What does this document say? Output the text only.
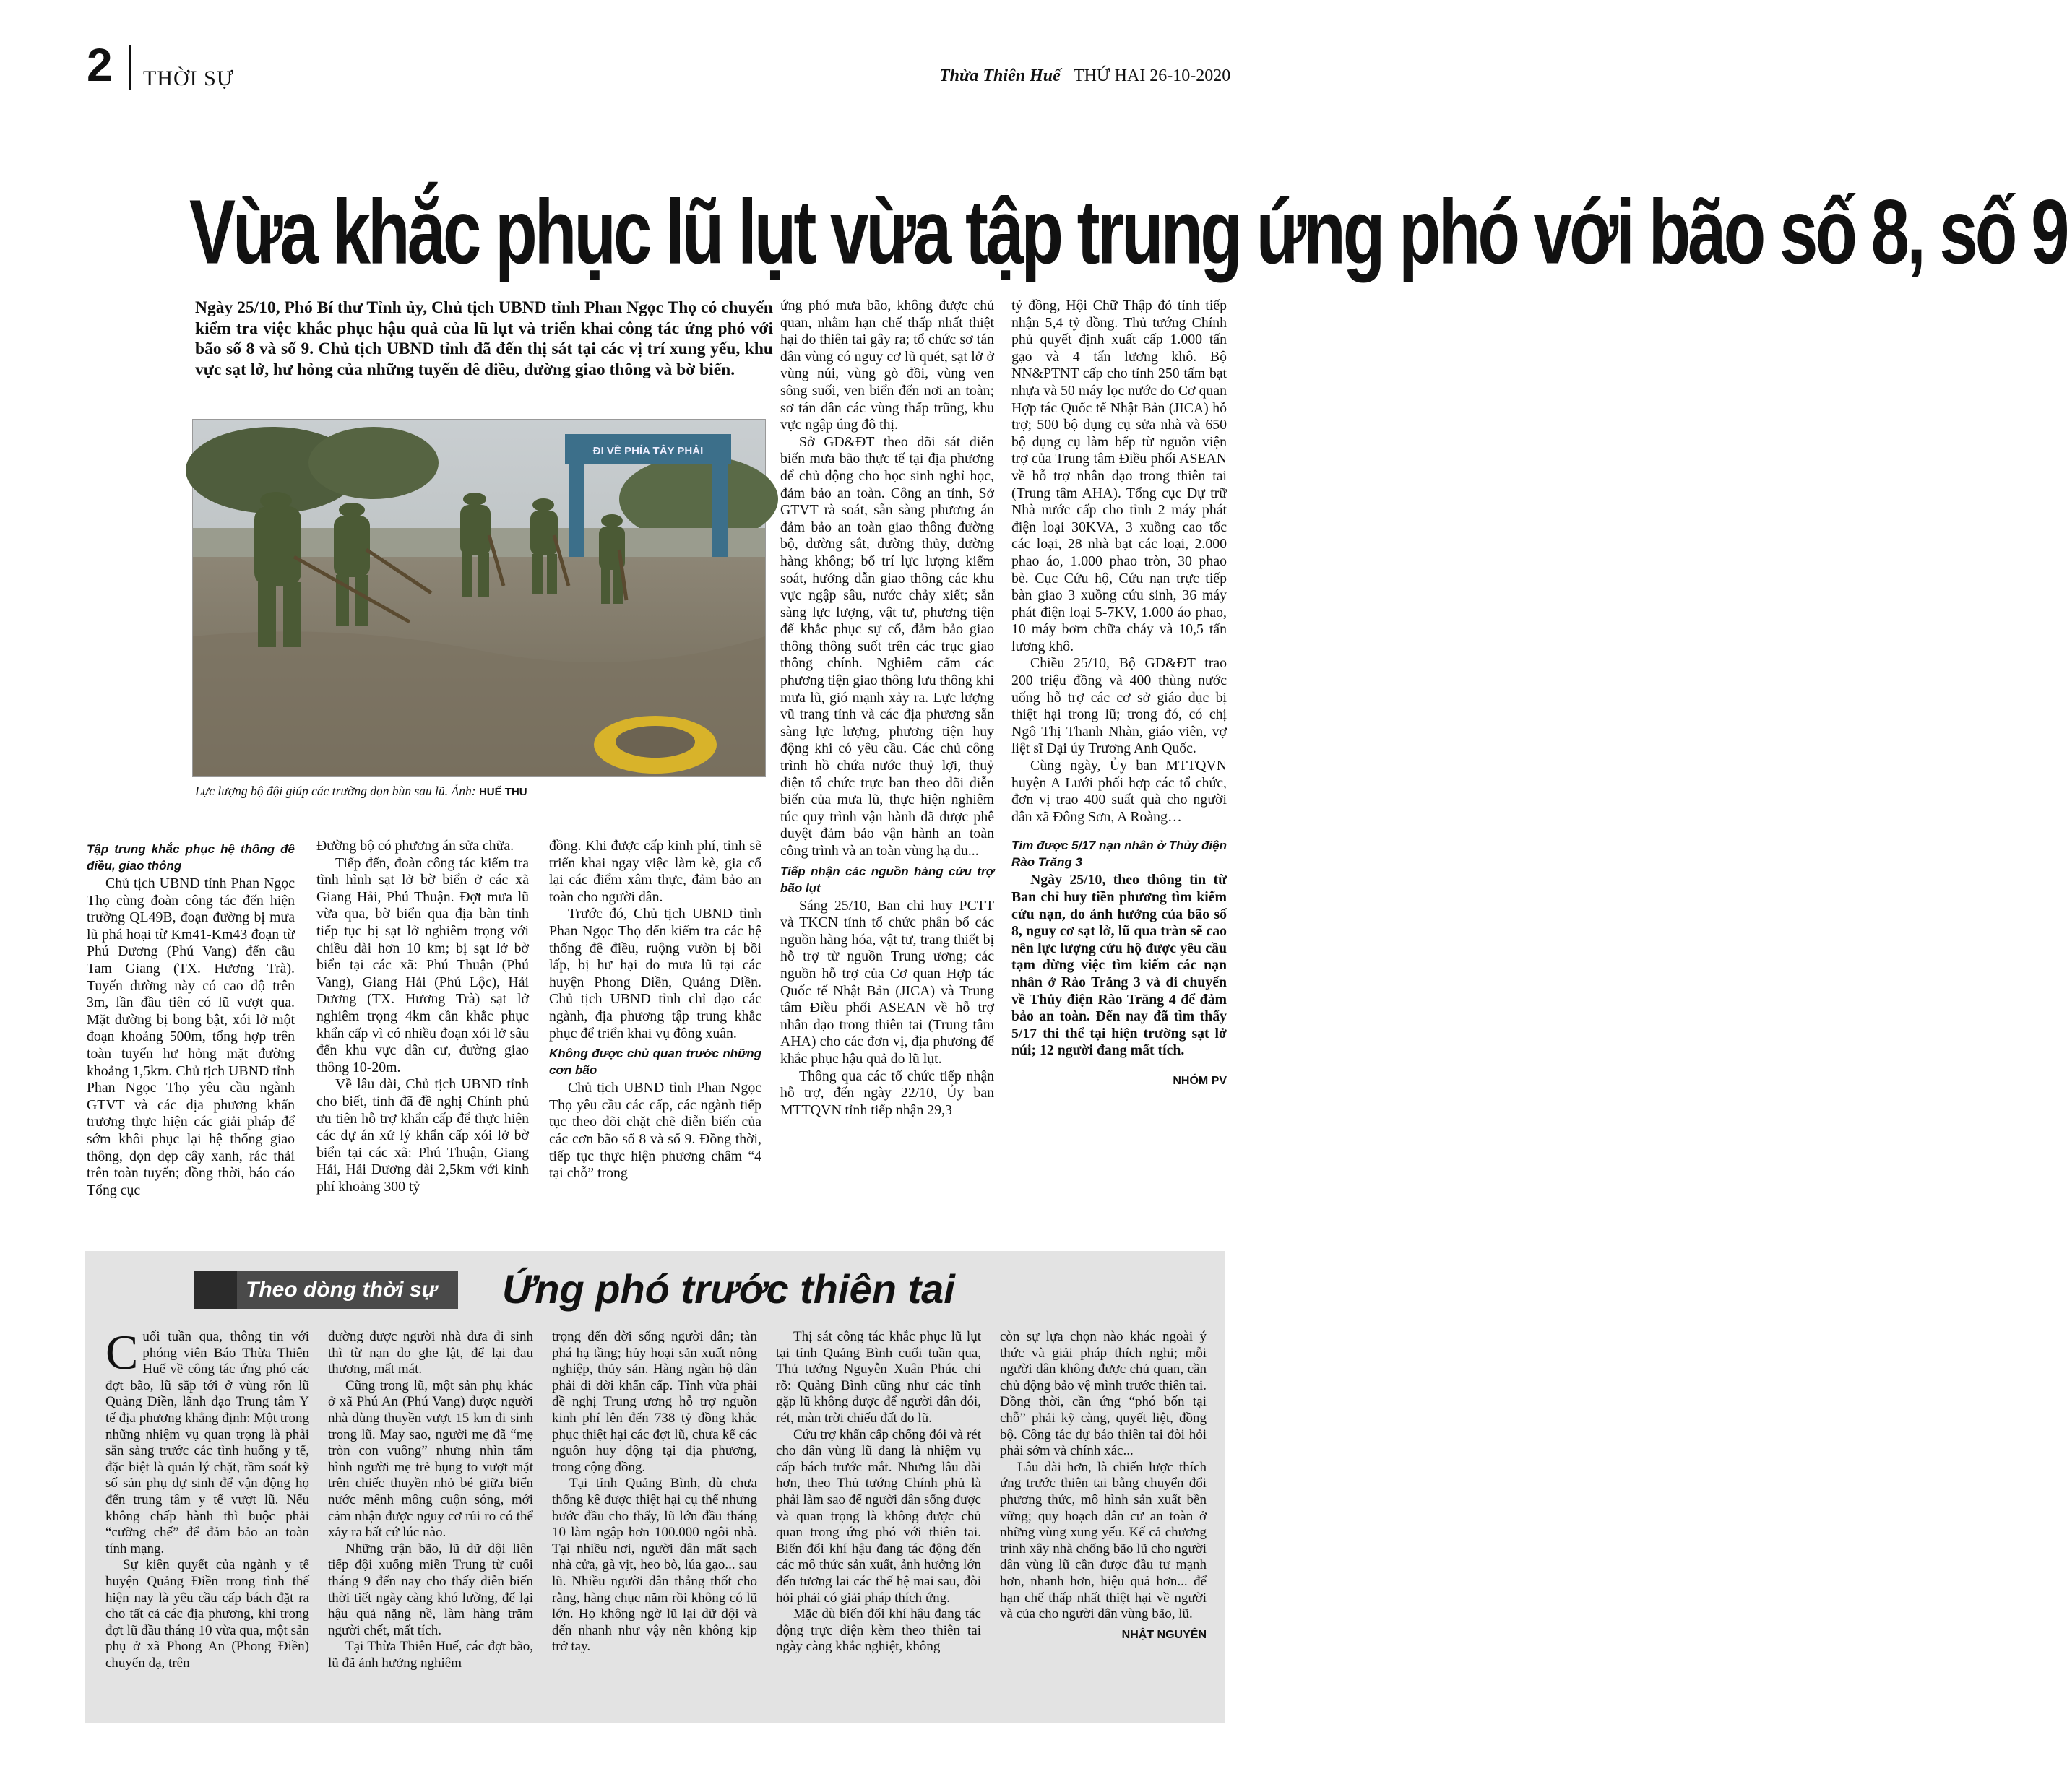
2 THỜI SỰ	Thừa Thiên Huế THỨ HAI 26-10-2020
Vừa khắc phục lũ lụt vừa tập trung ứng phó với bão số 8, số 9
Ngày 25/10, Phó Bí thư Tỉnh ủy, Chủ tịch UBND tỉnh Phan Ngọc Thọ có chuyến kiểm tra việc khắc phục hậu quả của lũ lụt và triển khai công tác ứng phó với bão số 8 và số 9. Chủ tịch UBND tỉnh đã đến thị sát tại các vị trí xung yếu, khu vực sạt lở, hư hỏng của những tuyến đê điều, đường giao thông và bờ biển.
ĐI VỀ PHÍA TÂY PHẢI
Lực lượng bộ đội giúp các trường dọn bùn sau lũ. Ảnh: HUẾ THU
Tập trung khắc phục hệ thống đê điều, giao thông

Chủ tịch UBND tỉnh Phan Ngọc Thọ cùng đoàn công tác đến hiện trường QL49B, đoạn đường bị mưa lũ phá hoại từ Km41-Km43 đoạn từ Phú Dương (Phú Vang) đến cầu Tam Giang (TX. Hương Trà). Tuyến đường này có cao độ trên 3m, lần đầu tiên có lũ vượt qua. Mặt đường bị bong bật, xói lở một đoạn khoảng 500m, tổng hợp trên toàn tuyến hư hỏng mặt đường khoảng 1,5km. Chủ tịch UBND tỉnh Phan Ngọc Thọ yêu cầu ngành GTVT và các địa phương khẩn trương thực hiện các giải pháp để sớm khôi phục lại hệ thống giao thông, dọn dẹp cây xanh, rác thải trên toàn tuyến; đồng thời, báo cáo Tổng cục

Đường bộ có phương án sửa chữa.

Tiếp đến, đoàn công tác kiểm tra tình hình sạt lở bờ biển ở các xã Giang Hải, Phú Thuận. Đợt mưa lũ vừa qua, bờ biển qua địa bàn tỉnh tiếp tục bị sạt lở nghiêm trọng với chiều dài hơn 10 km; bị sạt lở bờ biển tại các xã: Phú Thuận (Phú Vang), Giang Hải (Phú Lộc), Hải Dương (TX. Hương Trà) sạt lở nghiêm trọng 4km cần khắc phục khẩn cấp vì có nhiều đoạn xói lở sâu đến khu vực dân cư, đường giao thông 10-20m.

Về lâu dài, Chủ tịch UBND tỉnh cho biết, tỉnh đã đề nghị Chính phủ ưu tiên hỗ trợ khẩn cấp để thực hiện các dự án xử lý khẩn cấp xói lở bờ biển tại các xã: Phú Thuận, Giang Hải, Hải Dương dài 2,5km với kinh phí khoảng 300 tỷ

đồng. Khi được cấp kinh phí, tỉnh sẽ triển khai ngay việc làm kè, gia cố lại các điểm xâm thực, đảm bảo an toàn cho người dân.

Trước đó, Chủ tịch UBND tỉnh Phan Ngọc Thọ đến kiểm tra các hệ thống đê điều, ruộng vườn bị bồi lấp, bị hư hại do mưa lũ tại các huyện Phong Điền, Quảng Điền. Chủ tịch UBND tỉnh chỉ đạo các ngành, địa phương tập trung khắc phục để triển khai vụ đông xuân.

Không được chủ quan trước những cơn bão

Chủ tịch UBND tỉnh Phan Ngọc Thọ yêu cầu các cấp, các ngành tiếp tục theo dõi chặt chẽ diễn biến của các cơn bão số 8 và số 9. Đồng thời, tiếp tục thực hiện phương châm “4 tại chỗ” trong

ứng phó mưa bão, không được chủ quan, nhằm hạn chế thấp nhất thiệt hại do thiên tai gây ra; tổ chức sơ tán dân vùng có nguy cơ lũ quét, sạt lở ở vùng núi, vùng gò đồi, vùng ven sông suối, ven biển đến nơi an toàn; sơ tán dân các vùng thấp trũng, khu vực ngập úng đô thị.

Sở GD&ĐT theo dõi sát diễn biến mưa bão thực tế tại địa phương để chủ động cho học sinh nghỉ học, đảm bảo an toàn. Công an tỉnh, Sở GTVT rà soát, sẵn sàng phương án đảm bảo an toàn giao thông đường bộ, đường sắt, đường thủy, đường hàng không; bố trí lực lượng kiểm soát, hướng dẫn giao thông các khu vực ngập sâu, nước chảy xiết; sẵn sàng lực lượng, vật tư, phương tiện để khắc phục sự cố, đảm bảo giao thông thông suốt trên các trục giao thông chính. Nghiêm cấm các phương tiện giao thông lưu thông khi mưa lũ, gió mạnh xảy ra. Lực lượng vũ trang tỉnh và các địa phương sẵn sàng lực lượng, phương tiện huy động khi có yêu cầu. Các chủ công trình hồ chứa nước thuỷ lợi, thuỷ điện tổ chức trực ban theo dõi diễn biến của mưa lũ, thực hiện nghiêm túc quy trình vận hành đã được phê duyệt đảm bảo vận hành an toàn công trình và an toàn vùng hạ du...

Tiếp nhận các nguồn hàng cứu trợ bão lụt

Sáng 25/10, Ban chỉ huy PCTT và TKCN tỉnh tổ chức phân bổ các nguồn hàng hóa, vật tư, trang thiết bị hỗ trợ từ nguồn Trung ương; các nguồn hỗ trợ của Cơ quan Hợp tác Quốc tế Nhật Bản (JICA) và Trung tâm Điều phối ASEAN về hỗ trợ nhân đạo trong thiên tai (Trung tâm AHA) cho các đơn vị, địa phương để khắc phục hậu quả do lũ lụt.

Thông qua các tổ chức tiếp nhận hỗ trợ, đến ngày 22/10, Ủy ban MTTQVN tỉnh tiếp nhận 29,3

tỷ đồng, Hội Chữ Thập đỏ tỉnh tiếp nhận 5,4 tỷ đồng. Thủ tướng Chính phủ quyết định xuất cấp 1.000 tấn gạo và 4 tấn lương khô. Bộ NN&PTNT cấp cho tỉnh 250 tấm bạt nhựa và 50 máy lọc nước do Cơ quan Hợp tác Quốc tế Nhật Bản (JICA) hỗ trợ; 500 bộ dụng cụ sửa nhà và 650 bộ dụng cụ làm bếp từ nguồn viện trợ của Trung tâm Điều phối ASEAN về hỗ trợ nhân đạo trong thiên tai (Trung tâm AHA). Tổng cục Dự trữ Nhà nước cấp cho tỉnh 2 máy phát điện loại 30KVA, 3 xuồng cao tốc các loại, 28 nhà bạt các loại, 2.000 phao áo, 1.000 phao tròn, 30 phao bè. Cục Cứu hộ, Cứu nạn trực tiếp bàn giao 3 xuồng cứu sinh, 36 máy phát điện loại 5-7KV, 1.000 áo phao, 10 máy bơm chữa cháy và 10,5 tấn lương khô.

Chiều 25/10, Bộ GD&ĐT trao 200 triệu đồng và 400 thùng nước uống hỗ trợ các cơ sở giáo dục bị thiệt hại trong lũ; trong đó, có chị Ngô Thị Thanh Nhàn, giáo viên, vợ liệt sĩ Đại úy Trương Anh Quốc.

Cùng ngày, Ủy ban MTTQVN huyện A Lưới phối hợp các tổ chức, đơn vị trao 400 suất quà cho người dân xã Đông Sơn, A Roàng…

Tìm được 5/17 nạn nhân ở Thủy điện Rào Trăng 3

Ngày 25/10, theo thông tin từ Ban chỉ huy tiền phương tìm kiếm cứu nạn, do ảnh hưởng của bão số 8, nguy cơ sạt lở, lũ qua tràn sẽ cao nên lực lượng cứu hộ được yêu cầu tạm dừng việc tìm kiếm các nạn nhân ở Rào Trăng 3 và di chuyển về Thủy điện Rào Trăng 4 để đảm bảo an toàn. Đến nay đã tìm thấy 5/17 thi thể tại hiện trường sạt lở núi; 12 người đang mất tích.

NHÓM PV
Theo dòng thời sự	Ứng phó trước thiên tai

Cuối tuần qua, thông tin với phóng viên Báo Thừa Thiên Huế về công tác ứng phó các đợt bão, lũ sắp tới ở vùng rốn lũ Quảng Điền, lãnh đạo Trung tâm Y tế địa phương khẳng định: Một trong những nhiệm vụ quan trọng là phải sẵn sàng trước các tình huống y tế, đặc biệt là quản lý chặt, tầm soát kỹ số sản phụ dự sinh để vận động họ đến trung tâm y tế vượt lũ. Nếu không chấp hành thì buộc phải “cưỡng chế” để đảm bảo an toàn tính mạng.

Sự kiên quyết của ngành y tế huyện Quảng Điền trong tình thế hiện nay là yêu cầu cấp bách đặt ra cho tất cả các địa phương, khi trong đợt lũ đầu tháng 10 vừa qua, một sản phụ ở xã Phong An (Phong Điền) chuyển dạ, trên

đường được người nhà đưa đi sinh thì từ nạn do ghe lật, để lại đau thương, mất mát.

Cũng trong lũ, một sản phụ khác ở xã Phú An (Phú Vang) được người nhà dùng thuyền vượt 15 km đi sinh trong lũ. May sao, người mẹ đã “mẹ tròn con vuông” nhưng nhìn tấm hình người mẹ trẻ bụng to vượt mặt trên chiếc thuyền nhỏ bé giữa biển nước mênh mông cuộn sóng, mới cảm nhận được nguy cơ rủi ro có thể xảy ra bất cứ lúc nào.

Những trận bão, lũ dữ dội liên tiếp đội xuống miền Trung từ cuối tháng 9 đến nay cho thấy diễn biến thời tiết ngày càng khó lường, để lại hậu quả nặng nề, làm hàng trăm người chết, mất tích.

Tại Thừa Thiên Huế, các đợt bão, lũ đã ảnh hưởng nghiêm

trọng đến đời sống người dân; tàn phá hạ tầng; hủy hoại sản xuất nông nghiệp, thủy sản. Hàng ngàn hộ dân phải di dời khẩn cấp. Tỉnh vừa phải đề nghị Trung ương hỗ trợ nguồn kinh phí lên đến 738 tỷ đồng khắc phục thiệt hại các đợt lũ, chưa kể các nguồn huy động tại địa phương, trong cộng đồng.

Tại tỉnh Quảng Bình, dù chưa thống kê được thiệt hại cụ thể nhưng bước đầu cho thấy, lũ lớn đầu tháng 10 làm ngập hơn 100.000 ngôi nhà. Tại nhiều nơi, người dân mất sạch nhà cửa, gà vịt, heo bò, lúa gạo... sau lũ. Nhiều người dân thẳng thốt cho rằng, hàng chục năm rồi không có lũ lớn. Họ không ngờ lũ lại dữ dội và đến nhanh như vậy nên không kịp trở tay.

Thị sát công tác khắc phục lũ lụt tại tỉnh Quảng Bình cuối tuần qua, Thủ tướng Nguyễn Xuân Phúc chỉ rõ: Quảng Bình cũng như các tỉnh gặp lũ không được để người dân đói, rét, màn trời chiếu đất do lũ.

Cứu trợ khẩn cấp chống đói và rét cho dân vùng lũ đang là nhiệm vụ cấp bách trước mắt. Nhưng lâu dài hơn, theo Thủ tướng Chính phủ là phải làm sao để người dân sống được và quan trọng là không được chủ quan trong ứng phó với thiên tai. Biến đổi khí hậu đang tác động đến các mô thức sản xuất, ảnh hưởng lớn đến tương lai các thế hệ mai sau, đòi hỏi phải có giải pháp thích ứng.

Mặc dù biến đổi khí hậu đang tác động trực diện kèm theo thiên tai ngày càng khắc nghiệt, không

còn sự lựa chọn nào khác ngoài ý thức và giải pháp thích nghi; mỗi người dân không được chủ quan, cần chủ động bảo vệ mình trước thiên tai. Đồng thời, cần ứng “phó bốn tại chỗ” phải kỹ càng, quyết liệt, đồng bộ. Công tác dự báo thiên tai đòi hỏi phải sớm và chính xác...

Lâu dài hơn, là chiến lược thích ứng trước thiên tai bằng chuyển đổi phương thức, mô hình sản xuất bền vững; quy hoạch dân cư an toàn ở những vùng xung yếu. Kế cả chương trình xây nhà chống bão lũ cho người dân vùng lũ cần được đầu tư mạnh hơn, nhanh hơn, hiệu quả hơn... để hạn chế thấp nhất thiệt hại về người và của cho người dân vùng bão, lũ.

NHẬT NGUYÊN
